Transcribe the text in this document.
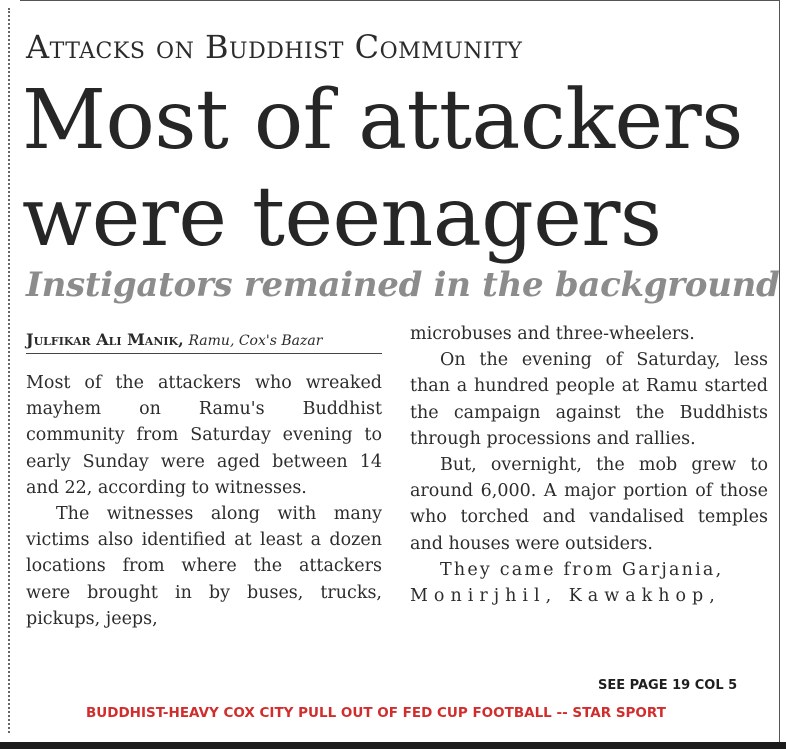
Attacks on Buddhist Community
Most of attackers
were teenagers
Instigators remained in the background
Julfikar Ali Manik, Ramu, Cox's Bazar

Most of the attackers who wreaked mayhem on Ramu's Buddhist community from Saturday evening to early Sunday were aged between 14 and 22, according to witnesses.

The witnesses along with many victims also identified at least a dozen locations from where the attackers were brought in by buses, trucks, pickups, jeeps,

microbuses and three-wheelers.

On the evening of Saturday, less than a hundred people at Ramu started the campaign against the Buddhists through processions and rallies.

But, overnight, the mob grew to around 6,000. A major portion of those who torched and vandalised temples and houses were outsiders.

They came from Garjania,

Monirjhil, Kawakhop,

SEE PAGE 19 COL 5
BUDDHIST-HEAVY COX CITY PULL OUT OF FED CUP FOOTBALL -- STAR SPORT
